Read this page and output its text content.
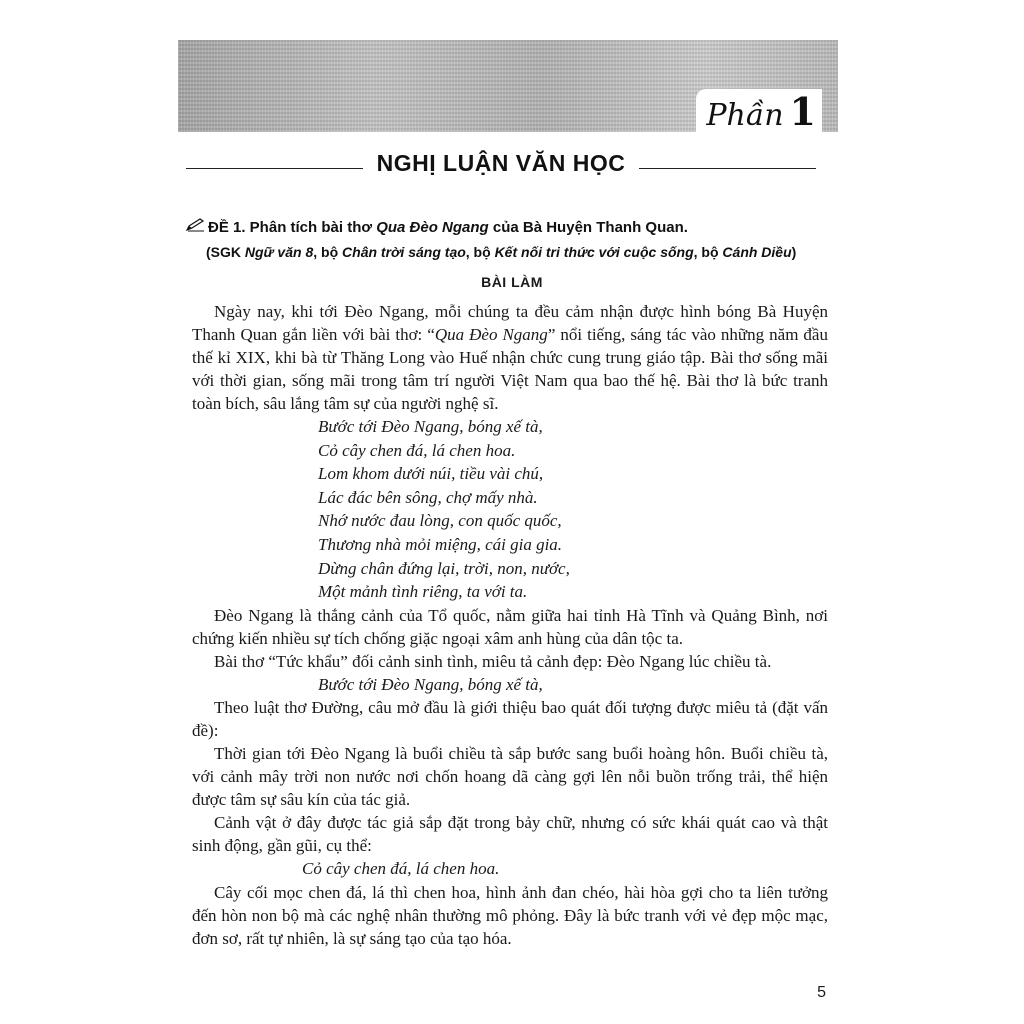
Phần 1
NGHỊ LUẬN VĂN HỌC
ĐỀ 1. Phân tích bài thơ Qua Đèo Ngang của Bà Huyện Thanh Quan.
(SGK Ngữ văn 8, bộ Chân trời sáng tạo, bộ Kết nối tri thức với cuộc sống, bộ Cánh Diều)
BÀI LÀM

Ngày nay, khi tới Đèo Ngang, mỗi chúng ta đều cảm nhận được hình bóng Bà Huyện Thanh Quan gắn liền với bài thơ: “Qua Đèo Ngang” nổi tiếng, sáng tác vào những năm đầu thế kỉ XIX, khi bà từ Thăng Long vào Huế nhận chức cung trung giáo tập. Bài thơ sống mãi với thời gian, sống mãi trong tâm trí người Việt Nam qua bao thế hệ. Bài thơ là bức tranh toàn bích, sâu lắng tâm sự của người nghệ sĩ.

Bước tới Đèo Ngang, bóng xế tà,
Cỏ cây chen đá, lá chen hoa.
Lom khom dưới núi, tiều vài chú,
Lác đác bên sông, chợ mấy nhà.
Nhớ nước đau lòng, con quốc quốc,
Thương nhà mỏi miệng, cái gia gia.
Dừng chân đứng lại, trời, non, nước,
Một mảnh tình riêng, ta với ta.

Đèo Ngang là thắng cảnh của Tổ quốc, nằm giữa hai tỉnh Hà Tĩnh và Quảng Bình, nơi chứng kiến nhiều sự tích chống giặc ngoại xâm anh hùng của dân tộc ta.

Bài thơ “Tức khẩu” đối cảnh sinh tình, miêu tả cảnh đẹp: Đèo Ngang lúc chiều tà.

Bước tới Đèo Ngang, bóng xế tà,

Theo luật thơ Đường, câu mở đầu là giới thiệu bao quát đối tượng được miêu tả (đặt vấn đề):

Thời gian tới Đèo Ngang là buổi chiều tà sắp bước sang buổi hoàng hôn. Buổi chiều tà, với cảnh mây trời non nước nơi chốn hoang dã càng gợi lên nỗi buồn trống trải, thể hiện được tâm sự sâu kín của tác giả.

Cảnh vật ở đây được tác giả sắp đặt trong bảy chữ, nhưng có sức khái quát cao và thật sinh động, gần gũi, cụ thể:

Cỏ cây chen đá, lá chen hoa.

Cây cối mọc chen đá, lá thì chen hoa, hình ảnh đan chéo, hài hòa gợi cho ta liên tưởng đến hòn non bộ mà các nghệ nhân thường mô phỏng. Đây là bức tranh với vẻ đẹp mộc mạc, đơn sơ, rất tự nhiên, là sự sáng tạo của tạo hóa.

5
